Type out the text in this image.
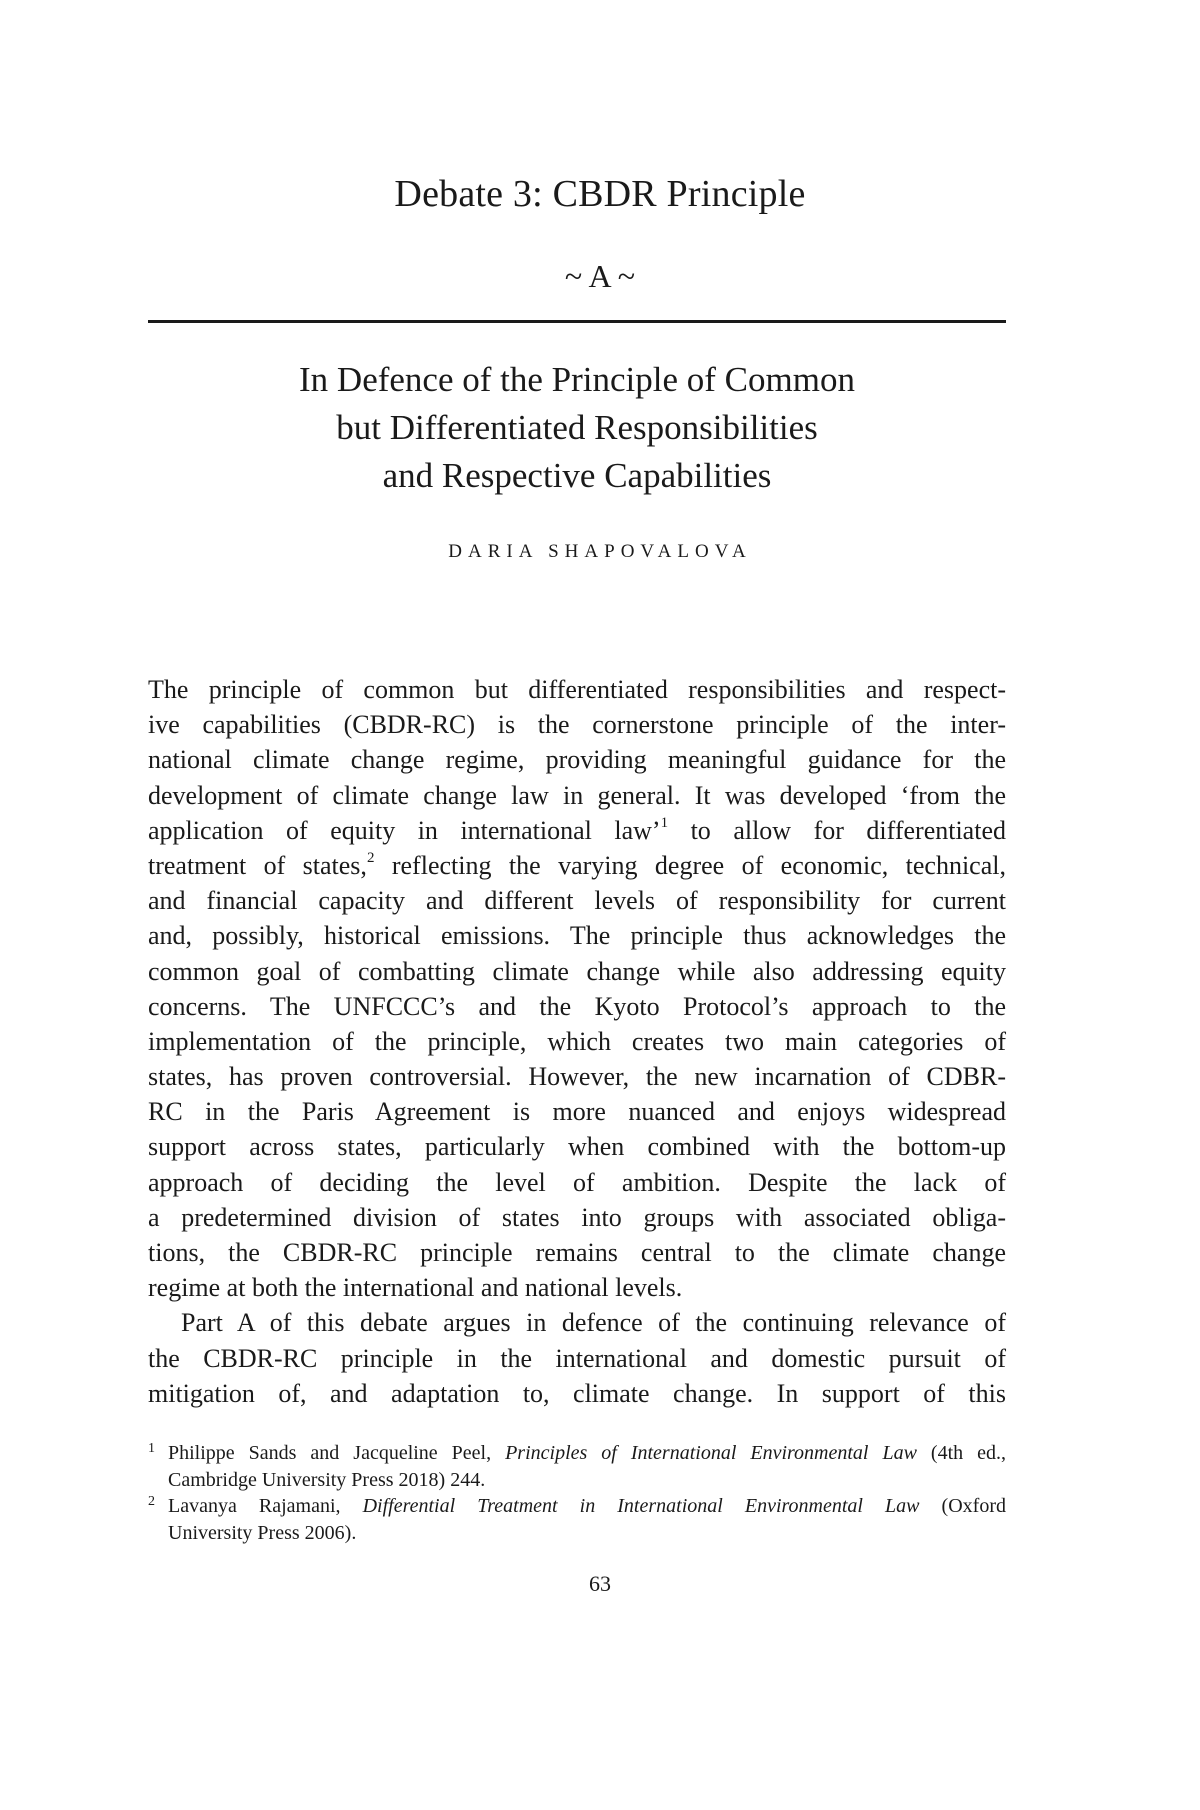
Debate 3: CBDR Principle
~ A ~
In Defence of the Principle of Common
but Differentiated Responsibilities
and Respective Capabilities
DARIA SHAPOVALOVA
The principle of common but differentiated responsibilities and respect-
ive capabilities (CBDR-RC) is the cornerstone principle of the inter-
national climate change regime, providing meaningful guidance for the
development of climate change law in general. It was developed ‘from the
application of equity in international law’$^1$ to allow for differentiated
treatment of states,$^2$ reflecting the varying degree of economic, technical,
and financial capacity and different levels of responsibility for current
and, possibly, historical emissions. The principle thus acknowledges the
common goal of combatting climate change while also addressing equity
concerns. The UNFCCC’s and the Kyoto Protocol’s approach to the
implementation of the principle, which creates two main categories of
states, has proven controversial. However, the new incarnation of CDBR-
RC in the Paris Agreement is more nuanced and enjoys widespread
support across states, particularly when combined with the bottom-up
approach of deciding the level of ambition. Despite the lack of
a predetermined division of states into groups with associated obliga-
tions, the CBDR-RC principle remains central to the climate change
regime at both the international and national levels.
Part A of this debate argues in defence of the continuing relevance of
the CBDR-RC principle in the international and domestic pursuit of
mitigation of, and adaptation to, climate change. In support of this
1 Philippe Sands and Jacqueline Peel, Principles of International Environmental Law (4th ed.,
Cambridge University Press 2018) 244.
2 Lavanya Rajamani, Differential Treatment in International Environmental Law (Oxford
University Press 2006).
63
